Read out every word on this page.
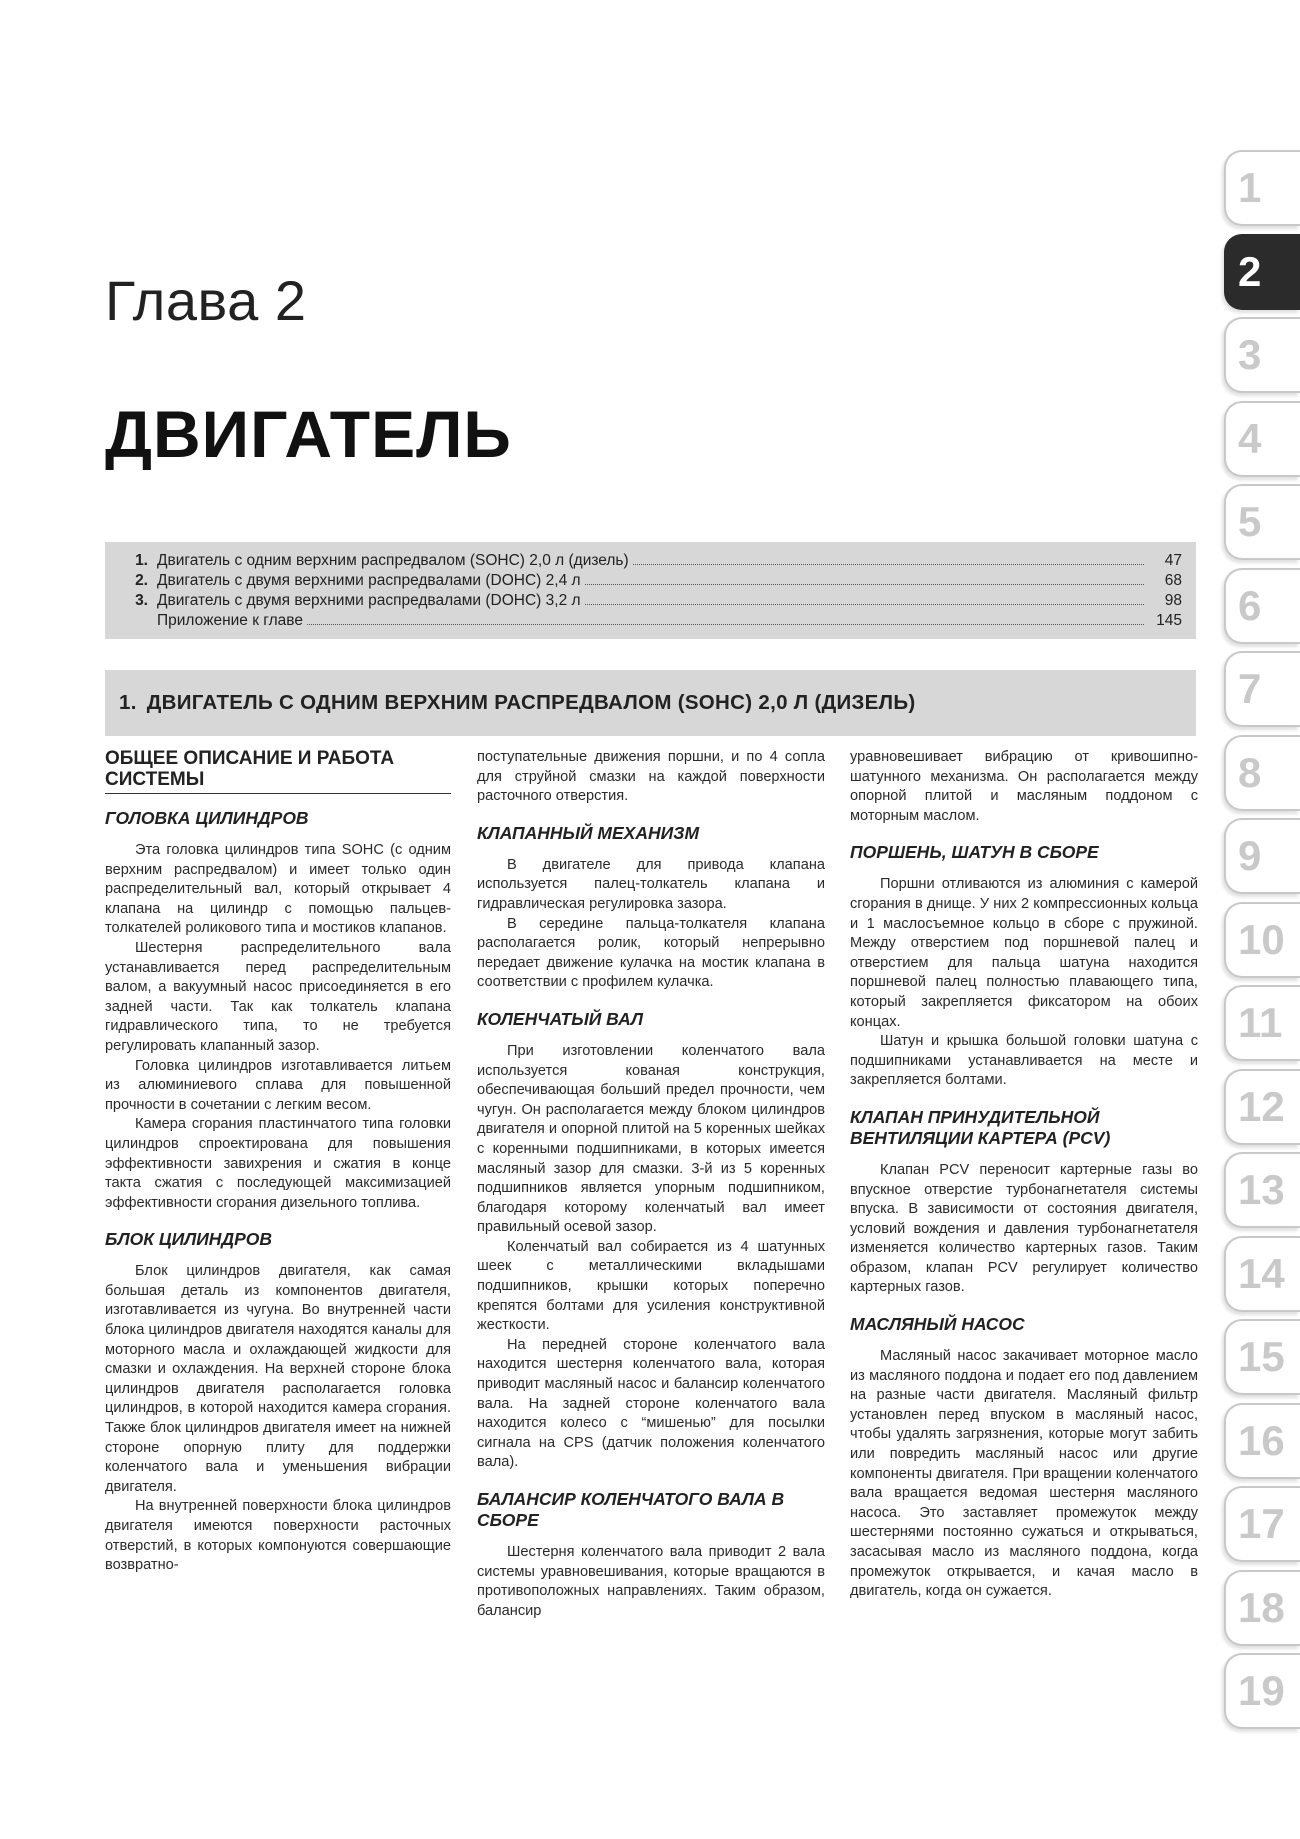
Глава 2
ДВИГАТЕЛЬ
1. Двигатель с одним верхним распредвалом (SOHC) 2,0 л (дизель)	47
2. Двигатель с двумя верхними распредвалами (DOHC) 2,4 л	68
3. Двигатель с двумя верхними распредвалами (DOHC) 3,2 л	98
Приложение к главе	145
1. ДВИГАТЕЛЬ С ОДНИМ ВЕРХНИМ РАСПРЕДВАЛОМ (SOHC) 2,0 Л (ДИЗЕЛЬ)
ОБЩЕЕ ОПИСАНИЕ И РАБОТА СИСТЕМЫ
ГОЛОВКА ЦИЛИНДРОВ

Эта головка цилиндров типа SOHC (с одним верхним распредвалом) и имеет только один распределительный вал, который открывает 4 клапана на цилиндр с помощью пальцев-толкателей роликового типа и мостиков клапанов.

Шестерня распределительного вала устанавливается перед распределительным валом, а вакуумный насос присоединяется в его задней части. Так как толкатель клапана гидравлического типа, то не требуется регулировать клапанный зазор.

Головка цилиндров изготавливается литьем из алюминиевого сплава для повышенной прочности в сочетании с легким весом.

Камера сгорания пластинчатого типа головки цилиндров спроектирована для повышения эффективности завихрения и сжатия в конце такта сжатия с последующей максимизацией эффективности сгорания дизельного топлива.

БЛОК ЦИЛИНДРОВ

Блок цилиндров двигателя, как самая большая деталь из компонентов двигателя, изготавливается из чугуна. Во внутренней части блока цилиндров двигателя находятся каналы для моторного масла и охлаждающей жидкости для смазки и охлаждения. На верхней стороне блока цилиндров двигателя располагается головка цилиндров, в которой находится камера сгорания. Также блок цилиндров двигателя имеет на нижней стороне опорную плиту для поддержки коленчатого вала и уменьшения вибрации двигателя.

На внутренней поверхности блока цилиндров двигателя имеются поверхности расточных отверстий, в которых компонуются совершающие возвратно-

поступательные движения поршни, и по 4 сопла для струйной смазки на каждой поверхности расточного отверстия.

КЛАПАННЫЙ МЕХАНИЗМ

В двигателе для привода клапана используется палец-толкатель клапана и гидравлическая регулировка зазора.

В середине пальца-толкателя клапана располагается ролик, который непрерывно передает движение кулачка на мостик клапана в соответствии с профилем кулачка.

КОЛЕНЧАТЫЙ ВАЛ

При изготовлении коленчатого вала используется кованая конструкция, обеспечивающая больший предел прочности, чем чугун. Он располагается между блоком цилиндров двигателя и опорной плитой на 5 коренных шейках с коренными подшипниками, в которых имеется масляный зазор для смазки. 3-й из 5 коренных подшипников является упорным подшипником, благодаря которому коленчатый вал имеет правильный осевой зазор.

Коленчатый вал собирается из 4 шатунных шеек с металлическими вкладышами подшипников, крышки которых поперечно крепятся болтами для усиления конструктивной жесткости.

На передней стороне коленчатого вала находится шестерня коленчатого вала, которая приводит масляный насос и балансир коленчатого вала. На задней стороне коленчатого вала находится колесо с “мишенью” для посылки сигнала на CPS (датчик положения коленчатого вала).

БАЛАНСИР КОЛЕНЧАТОГО ВАЛА В СБОРЕ

Шестерня коленчатого вала приводит 2 вала системы уравновешивания, которые вращаются в противоположных направлениях. Таким образом, балансир

уравновешивает вибрацию от кривошипно-шатунного механизма. Он располагается между опорной плитой и масляным поддоном с моторным маслом.

ПОРШЕНЬ, ШАТУН В СБОРЕ

Поршни отливаются из алюминия с камерой сгорания в днище. У них 2 компрессионных кольца и 1 маслосъемное кольцо в сборе с пружиной. Между отверстием под поршневой палец и отверстием для пальца шатуна находится поршневой палец полностью плавающего типа, который закрепляется фиксатором на обоих концах.

Шатун и крышка большой головки шатуна с подшипниками устанавливается на месте и закрепляется болтами.

КЛАПАН ПРИНУДИТЕЛЬНОЙ ВЕНТИЛЯЦИИ КАРТЕРА (PCV)

Клапан PCV переносит картерные газы во впускное отверстие турбонагнетателя системы впуска. В зависимости от состояния двигателя, условий вождения и давления турбонагнетателя изменяется количество картерных газов. Таким образом, клапан PCV регулирует количество картерных газов.

МАСЛЯНЫЙ НАСОС

Масляный насос закачивает моторное масло из масляного поддона и подает его под давлением на разные части двигателя. Масляный фильтр установлен перед впуском в масляный насос, чтобы удалять загрязнения, которые могут забить или повредить масляный насос или другие компоненты двигателя. При вращении коленчатого вала вращается ведомая шестерня масляного насоса. Это заставляет промежуток между шестернями постоянно сужаться и открываться, засасывая масло из масляного поддона, когда промежуток открывается, и качая масло в двигатель, когда он сужается.

1
2
3
4
5
6
7
8
9
10
11
12
13
14
15
16
17
18
19
